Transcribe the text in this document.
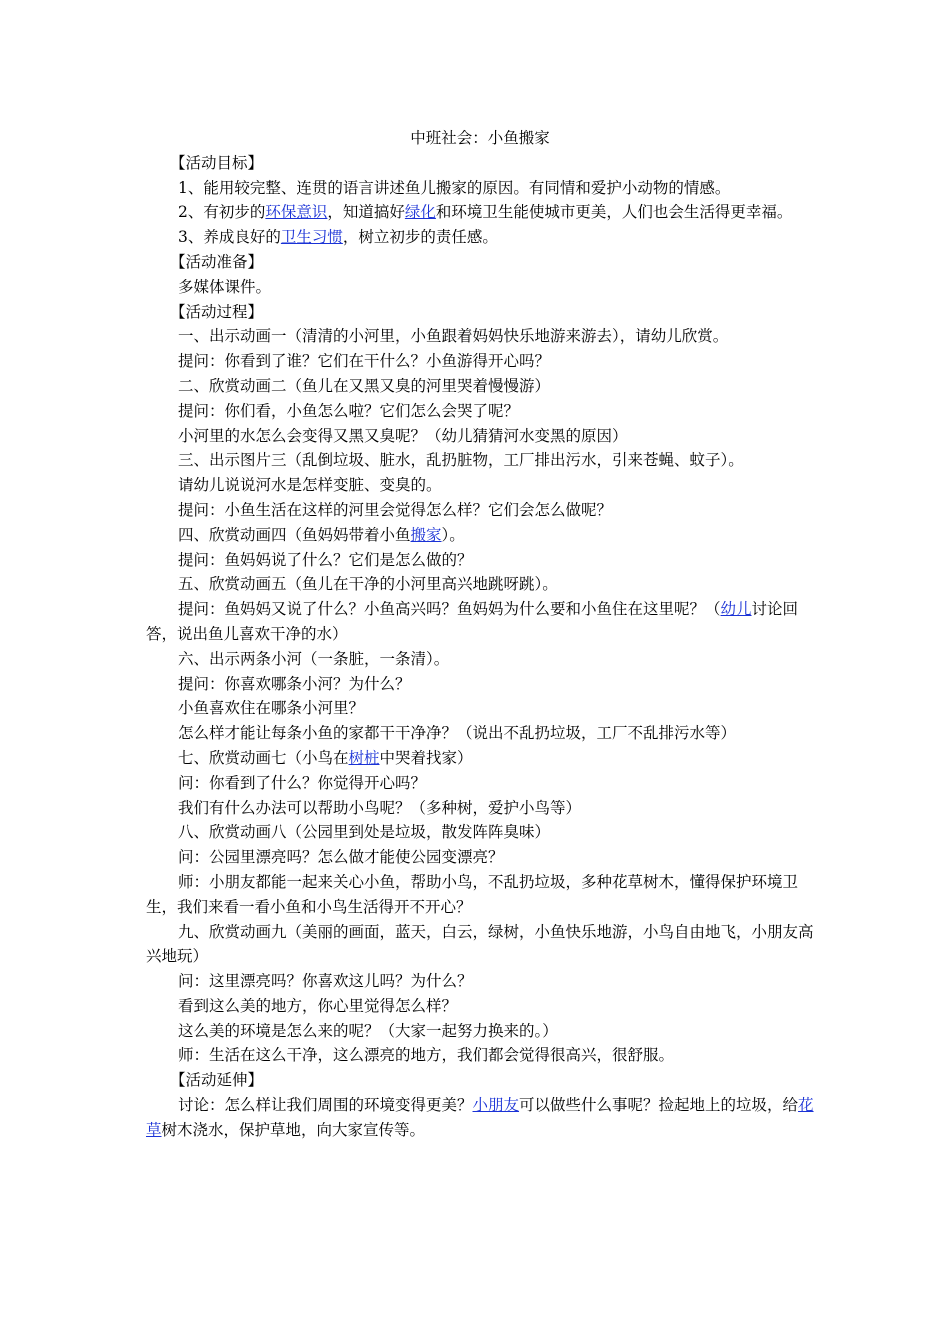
中班社会：小鱼搬家

【活动目标】

1、能用较完整、连贯的语言讲述鱼儿搬家的原因。有同情和爱护小动物的情感。

2、有初步的环保意识，知道搞好绿化和环境卫生能使城市更美，人们也会生活得更幸福。

3、养成良好的卫生习惯，树立初步的责任感。

【活动准备】

多媒体课件。

【活动过程】

一、出示动画一（清清的小河里，小鱼跟着妈妈快乐地游来游去），请幼儿欣赏。

提问：你看到了谁？它们在干什么？小鱼游得开心吗？

二、欣赏动画二（鱼儿在又黑又臭的河里哭着慢慢游）

提问：你们看，小鱼怎么啦？它们怎么会哭了呢？

小河里的水怎么会变得又黑又臭呢？（幼儿猜猜河水变黑的原因）

三、出示图片三（乱倒垃圾、脏水，乱扔脏物，工厂排出污水，引来苍蝇、蚊子）。

请幼儿说说河水是怎样变脏、变臭的。

提问：小鱼生活在这样的河里会觉得怎么样？它们会怎么做呢？

四、欣赏动画四（鱼妈妈带着小鱼搬家）。

提问：鱼妈妈说了什么？它们是怎么做的？

五、欣赏动画五（鱼儿在干净的小河里高兴地跳呀跳）。

提问：鱼妈妈又说了什么？小鱼高兴吗？鱼妈妈为什么要和小鱼住在这里呢？（幼儿讨论回答，说出鱼儿喜欢干净的水）

六、出示两条小河（一条脏，一条清）。

提问：你喜欢哪条小河？为什么？

小鱼喜欢住在哪条小河里？

怎么样才能让每条小鱼的家都干干净净？（说出不乱扔垃圾，工厂不乱排污水等）

七、欣赏动画七（小鸟在树桩中哭着找家）

问：你看到了什么？你觉得开心吗？

我们有什么办法可以帮助小鸟呢？（多种树，爱护小鸟等）

八、欣赏动画八（公园里到处是垃圾，散发阵阵臭味）

问：公园里漂亮吗？怎么做才能使公园变漂亮？

师：小朋友都能一起来关心小鱼，帮助小鸟，不乱扔垃圾，多种花草树木，懂得保护环境卫生，我们来看一看小鱼和小鸟生活得开不开心？

九、欣赏动画九（美丽的画面，蓝天，白云，绿树，小鱼快乐地游，小鸟自由地飞，小朋友高兴地玩）

问：这里漂亮吗？你喜欢这儿吗？为什么？

看到这么美的地方，你心里觉得怎么样？

这么美的环境是怎么来的呢？（大家一起努力换来的。）

师：生活在这么干净，这么漂亮的地方，我们都会觉得很高兴，很舒服。

【活动延伸】

讨论：怎么样让我们周围的环境变得更美？小朋友可以做些什么事呢？捡起地上的垃圾，给花草树木浇水，保护草地，向大家宣传等。
